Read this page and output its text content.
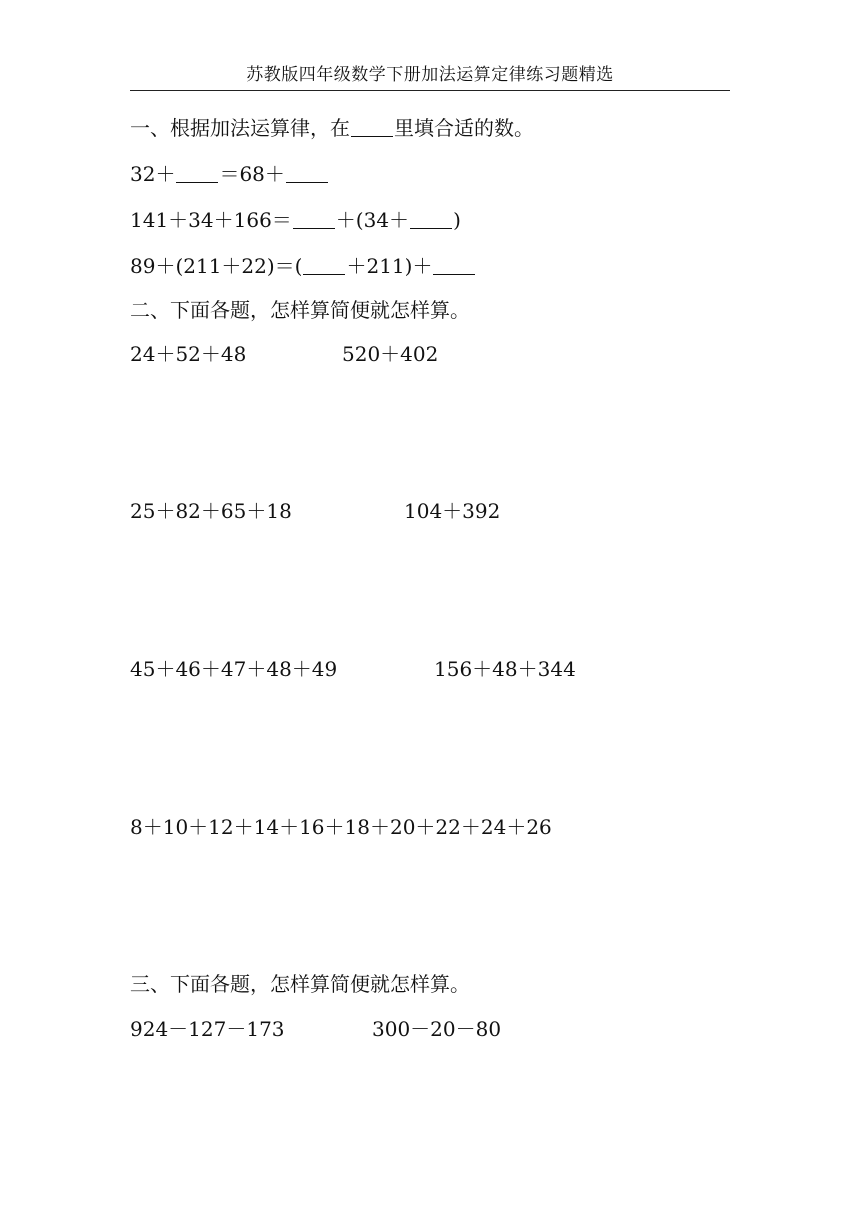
苏教版四年级数学下册加法运算定律练习题精选
一、根据加法运算律，在 里填合适的数。
32＋ ＝68＋
141＋34＋166＝ ＋(34＋ )
89＋(211＋22)＝( ＋211)＋
二、下面各题，怎样算简便就怎样算。
24＋52＋48	520＋402
25＋82＋65＋18	104＋392
45＋46＋47＋48＋49	156＋48＋344
8＋10＋12＋14＋16＋18＋20＋22＋24＋26
三、下面各题，怎样算简便就怎样算。
924－127－173	300－20－80
